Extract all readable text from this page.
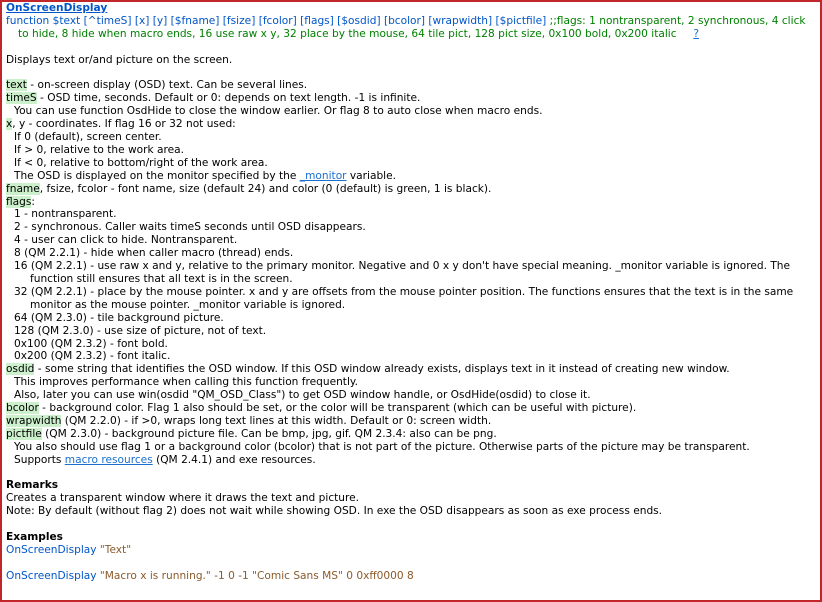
OnScreenDisplay
function $text [^timeS] [x] [y] [$fname] [fsize] [fcolor] [flags] [$osdid] [bcolor] [wrapwidth] [$pictfile] ;;flags: 1 nontransparent, 2 synchronous, 4 click to hide, 8 hide when macro ends, 16 use raw x y, 32 place by the mouse, 64 tile pict, 128 pict size, 0x100 bold, 0x200 italic ?
Displays text or/and picture on the screen.
text - on-screen display (OSD) text. Can be several lines.
timeS - OSD time, seconds. Default or 0: depends on text length. -1 is infinite.
You can use function OsdHide to close the window earlier. Or flag 8 to auto close when macro ends.
x, y - coordinates. If flag 16 or 32 not used:
If 0 (default), screen center.
If > 0, relative to the work area.
If < 0, relative to bottom/right of the work area.
The OSD is displayed on the monitor specified by the _monitor variable.
fname, fsize, fcolor - font name, size (default 24) and color (0 (default) is green, 1 is black).
flags:
1 - nontransparent.
2 - synchronous. Caller waits timeS seconds until OSD disappears.
4 - user can click to hide. Nontransparent.
8 (QM 2.2.1) - hide when caller macro (thread) ends.
16 (QM 2.2.1) - use raw x and y, relative to the primary monitor. Negative and 0 x y don't have special meaning. _monitor variable is ignored. The function still ensures that all text is in the screen.
32 (QM 2.2.1) - place by the mouse pointer. x and y are offsets from the mouse pointer position. The functions ensures that the text is in the same monitor as the mouse pointer. _monitor variable is ignored.
64 (QM 2.3.0) - tile background picture.
128 (QM 2.3.0) - use size of picture, not of text.
0x100 (QM 2.3.2) - font bold.
0x200 (QM 2.3.2) - font italic.
osdid - some string that identifies the OSD window. If this OSD window already exists, displays text in it instead of creating new window.
This improves performance when calling this function frequently.
Also, later you can use win(osdid "QM_OSD_Class") to get OSD window handle, or OsdHide(osdid) to close it.
bcolor - background color. Flag 1 also should be set, or the color will be transparent (which can be useful with picture).
wrapwidth (QM 2.2.0) - if >0, wraps long text lines at this width. Default or 0: screen width.
pictfile (QM 2.3.0) - background picture file. Can be bmp, jpg, gif. QM 2.3.4: also can be png.
You also should use flag 1 or a background color (bcolor) that is not part of the picture. Otherwise parts of the picture may be transparent.
Supports macro resources (QM 2.4.1) and exe resources.
Remarks
Creates a transparent window where it draws the text and picture.
Note: By default (without flag 2) does not wait while showing OSD. In exe the OSD disappears as soon as exe process ends.
Examples
OnScreenDisplay "Text"
OnScreenDisplay "Macro x is running." -1 0 -1 "Comic Sans MS" 0 0xff0000 8
